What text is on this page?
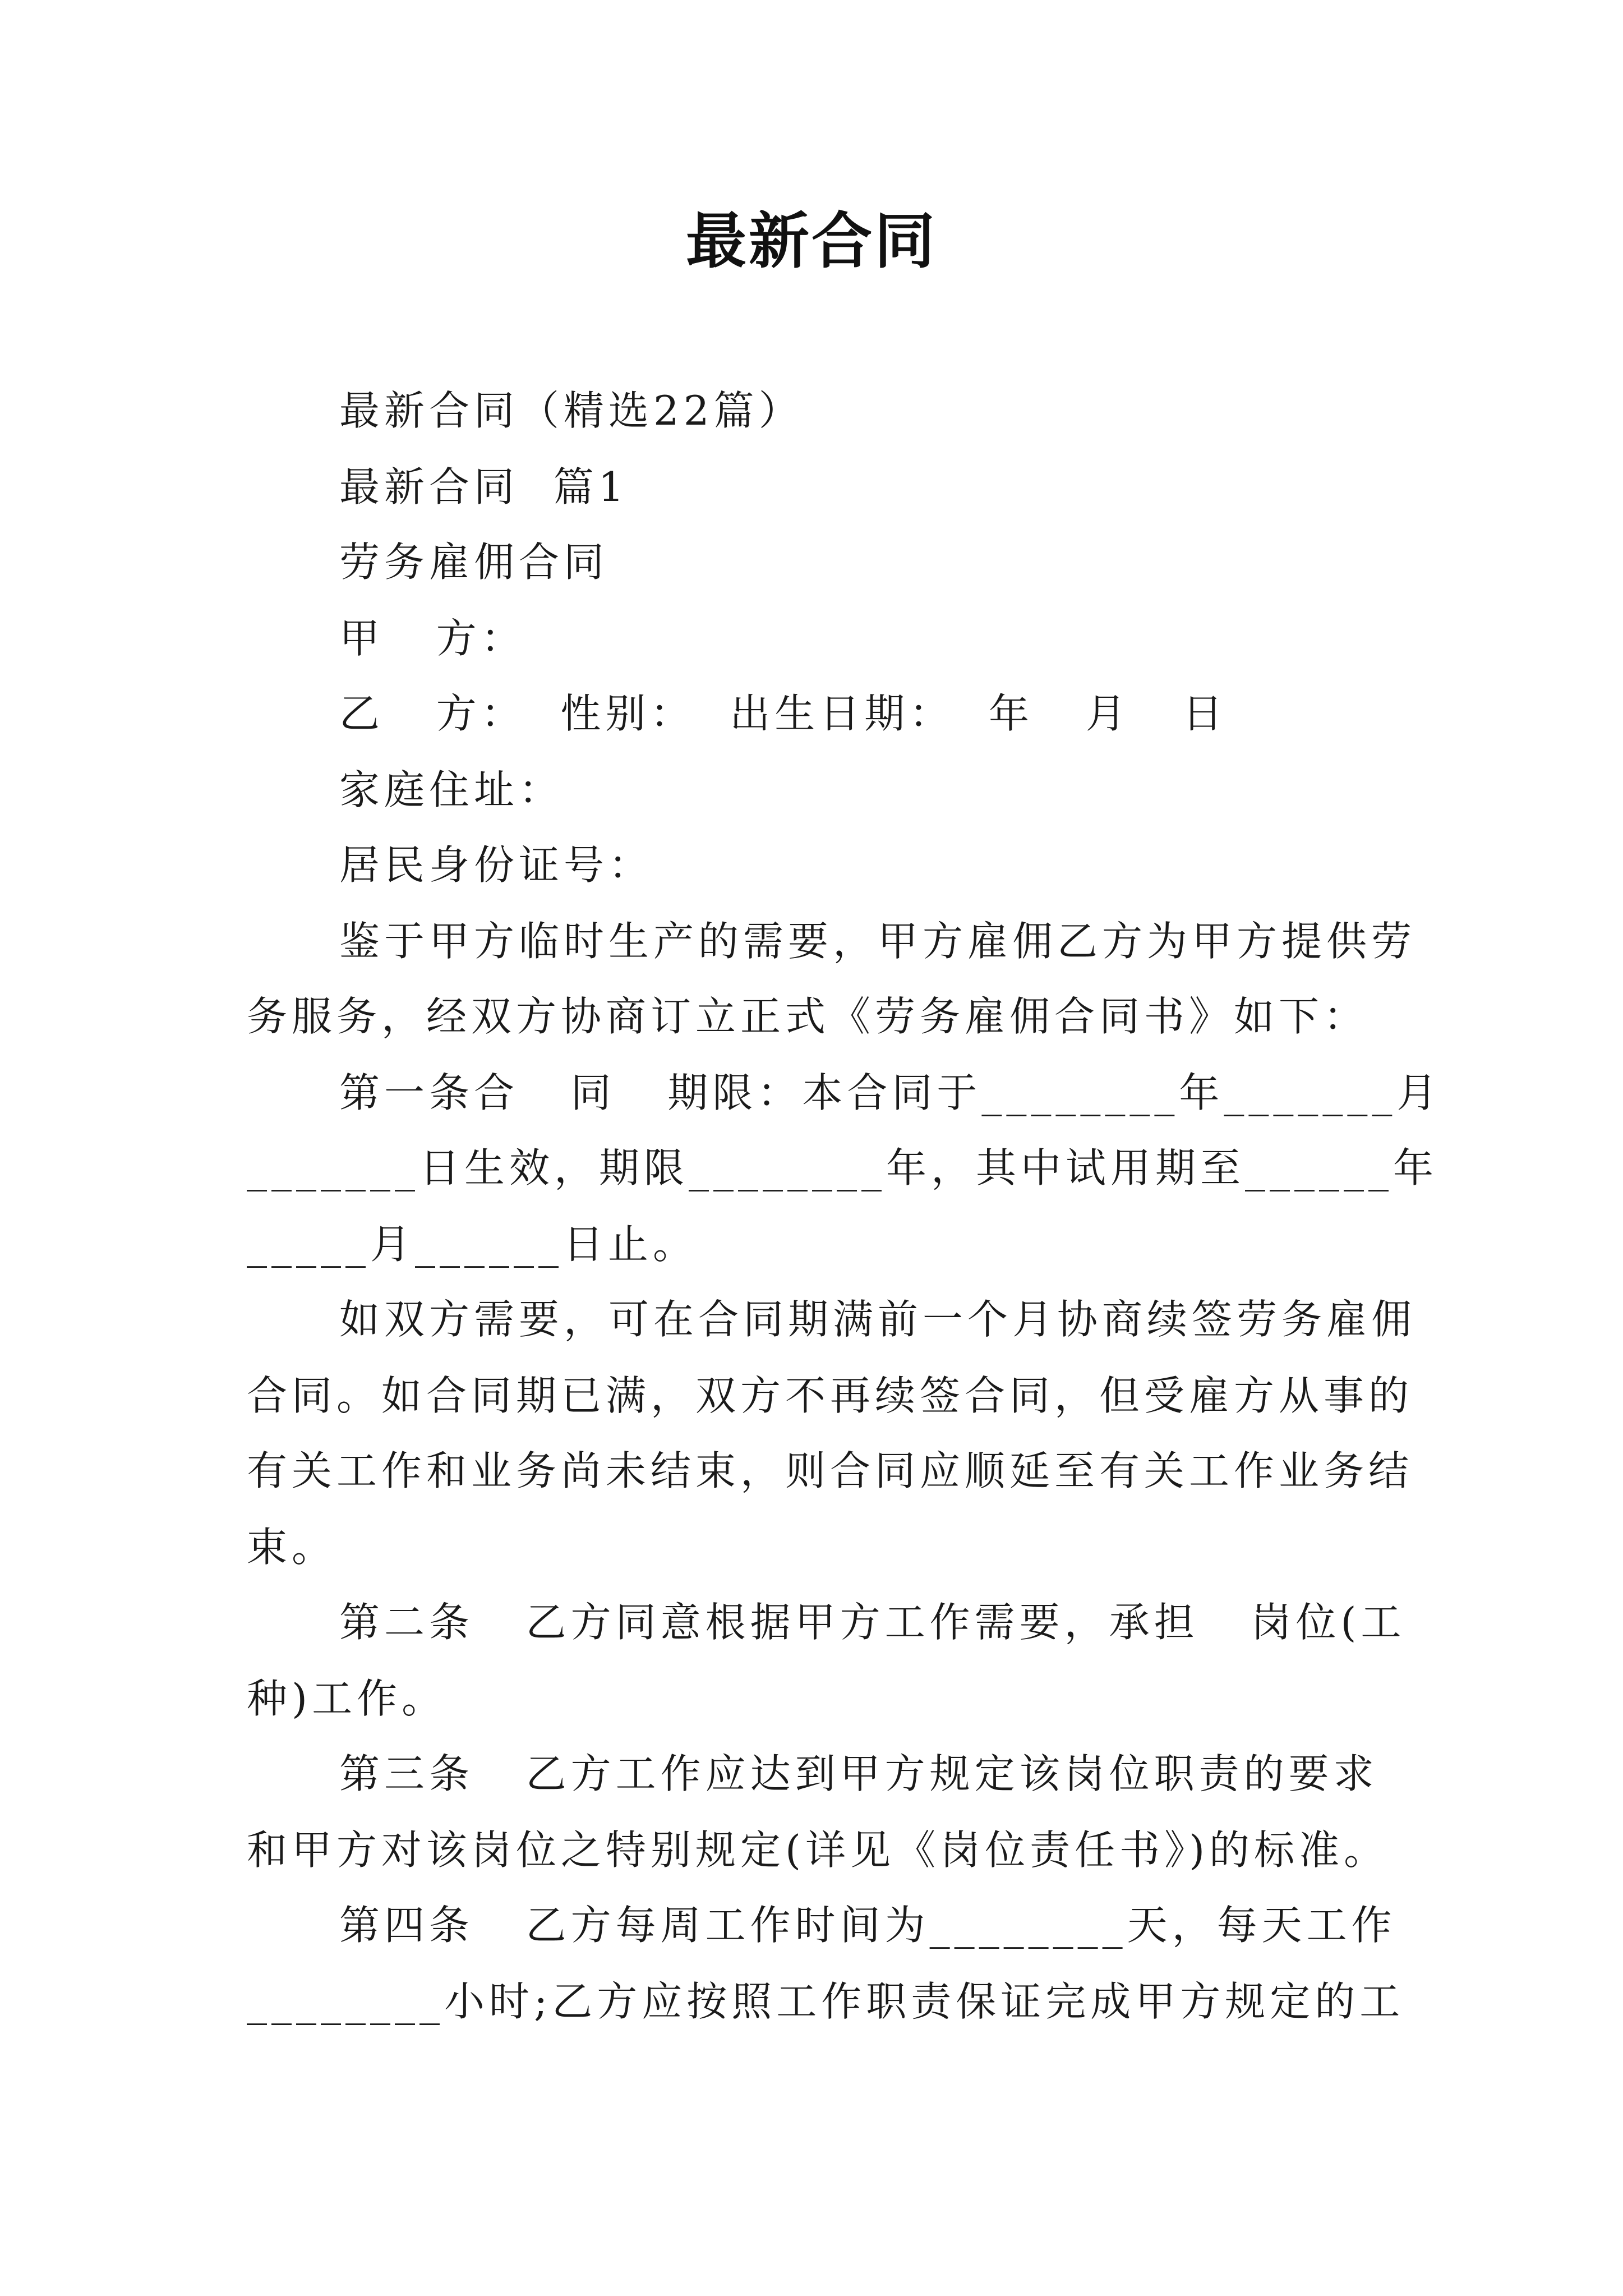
最新合同
最新合同（精选22篇）
最新合同  篇1
劳务雇佣合同
甲   方：
乙   方：  性别：  出生日期：  年   月   日
家庭住址：
居民身份证号：
鉴于甲方临时生产的需要，甲方雇佣乙方为甲方提供劳
务服务，经双方协商订立正式《劳务雇佣合同书》如下：
第一条合   同   期限：本合同于________年_______月
_______日生效，期限________年，其中试用期至______年
_____月______日止。
如双方需要，可在合同期满前一个月协商续签劳务雇佣
合同。如合同期已满，双方不再续签合同，但受雇方从事的
有关工作和业务尚未结束，则合同应顺延至有关工作业务结
束。
第二条   乙方同意根据甲方工作需要，承担   岗位(工
种)工作。
第三条   乙方工作应达到甲方规定该岗位职责的要求
和甲方对该岗位之特别规定(详见《岗位责任书》)的标准。
第四条   乙方每周工作时间为________天，每天工作
________小时;乙方应按照工作职责保证完成甲方规定的工
